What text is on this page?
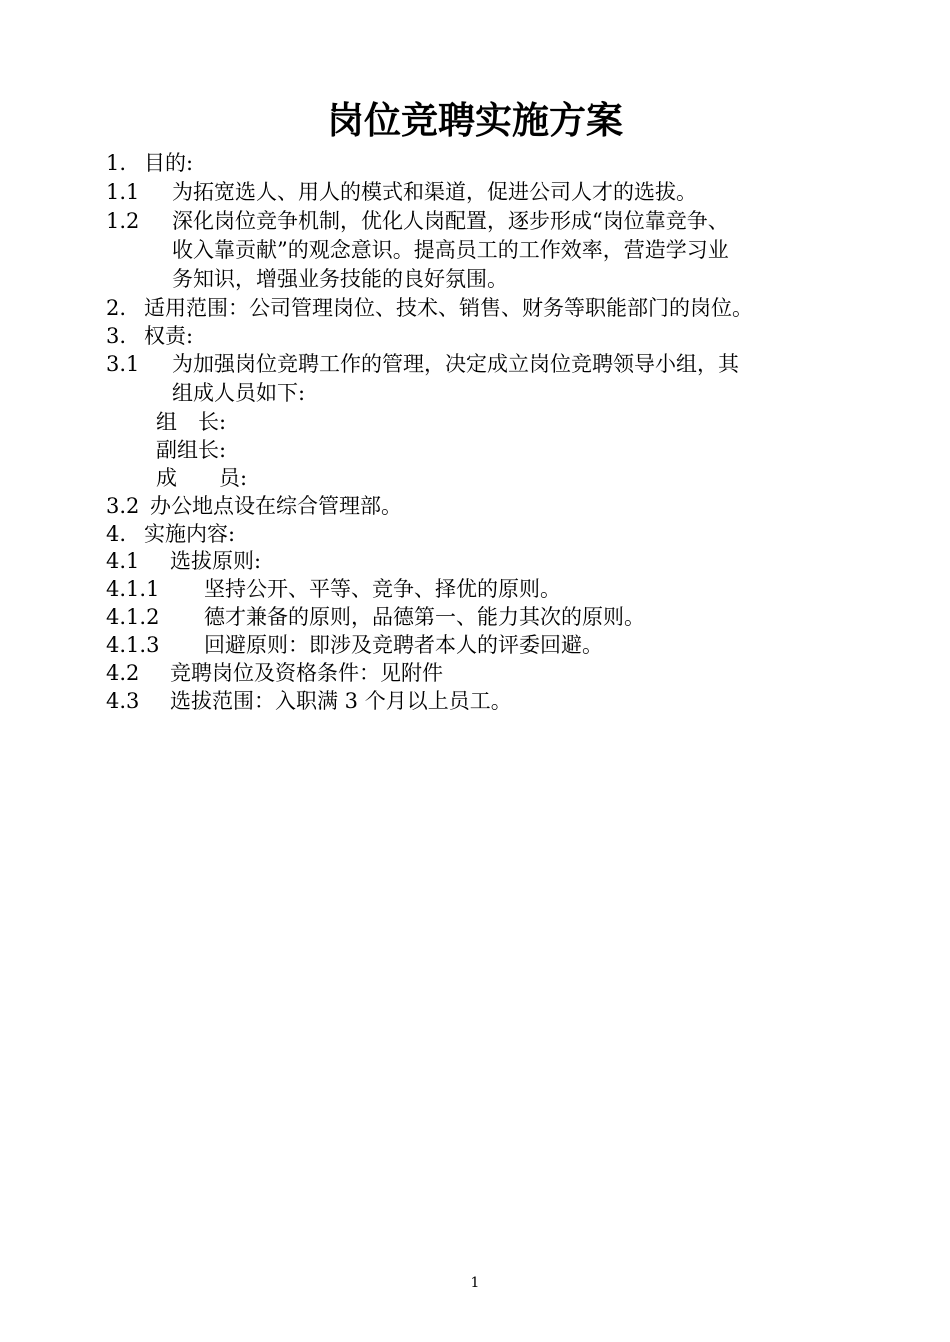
岗位竞聘实施方案
1. 目的:
1.1 为拓宽选人、用人的模式和渠道，促进公司人才的选拔。
1.2 深化岗位竞争机制，优化人岗配置，逐步形成“岗位靠竞争、
收入靠贡献”的观念意识。提高员工的工作效率，营造学习业
务知识，增强业务技能的良好氛围。
2. 适用范围：公司管理岗位、技术、销售、财务等职能部门的岗位。
3. 权责:
3.1 为加强岗位竞聘工作的管理，决定成立岗位竞聘领导小组，其
组成人员如下:
组　长:
副组长:
成　　员:
3.2 办公地点设在综合管理部。
4. 实施内容:
4.1 选拔原则:
4.1.1 坚持公开、平等、竞争、择优的原则。
4.1.2 德才兼备的原则，品德第一、能力其次的原则。
4.1.3 回避原则：即涉及竞聘者本人的评委回避。
4.2 竞聘岗位及资格条件：见附件
4.3 选拔范围：入职满 3 个月以上员工。
1
